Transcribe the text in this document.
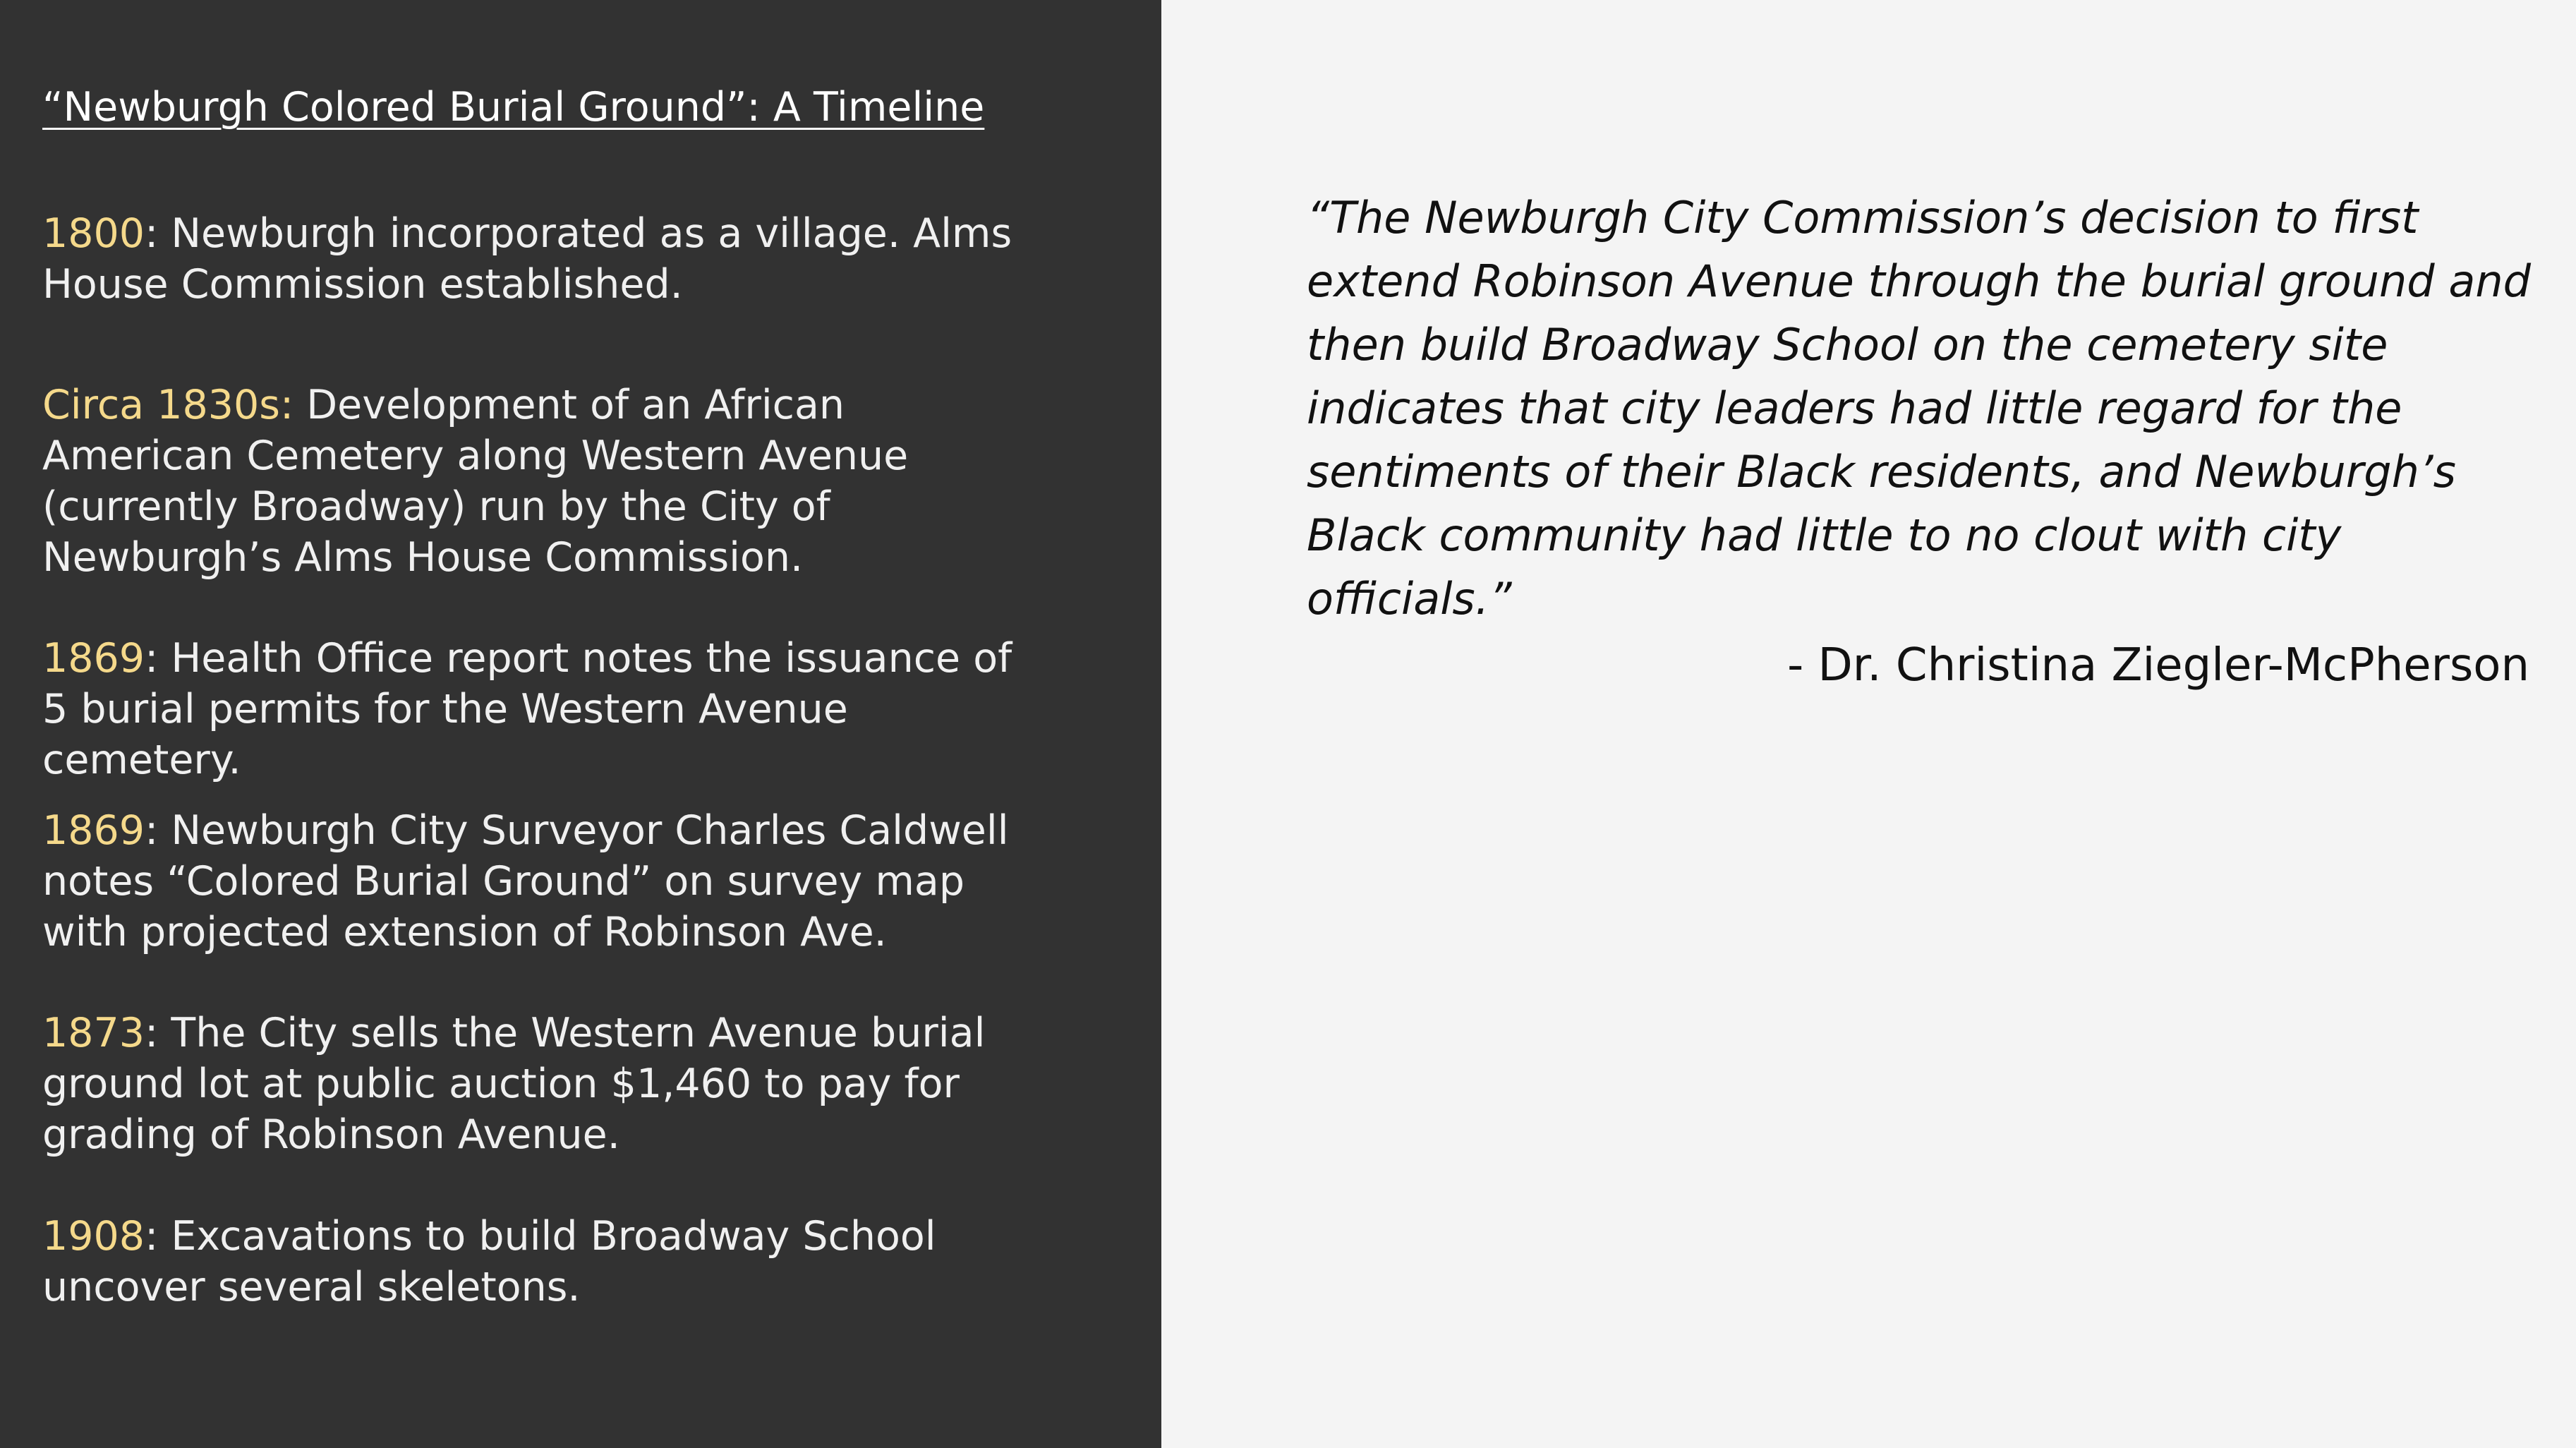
“Newburgh Colored Burial Ground”: A Timeline

1800: Newburgh incorporated as a village. Alms House Commission established.

Circa 1830s: Development of an African American Cemetery along Western Avenue (currently Broadway) run by the City of Newburgh’s Alms House Commission.

1869: Health Office report notes the issuance of 5 burial permits for the Western Avenue cemetery.

1869: Newburgh City Surveyor Charles Caldwell notes “Colored Burial Ground” on survey map with projected extension of Robinson Ave.

1873: The City sells the Western Avenue burial ground lot at public auction $1,460 to pay for grading of Robinson Avenue.

1908: Excavations to build Broadway School uncover several skeletons.

“The Newburgh City Commission’s decision to first extend Robinson Avenue through the burial ground and then build Broadway School on the cemetery site indicates that city leaders had little regard for the sentiments of their Black residents, and Newburgh’s Black community had little to no clout with city officials.”

- Dr. Christina Ziegler-McPherson
